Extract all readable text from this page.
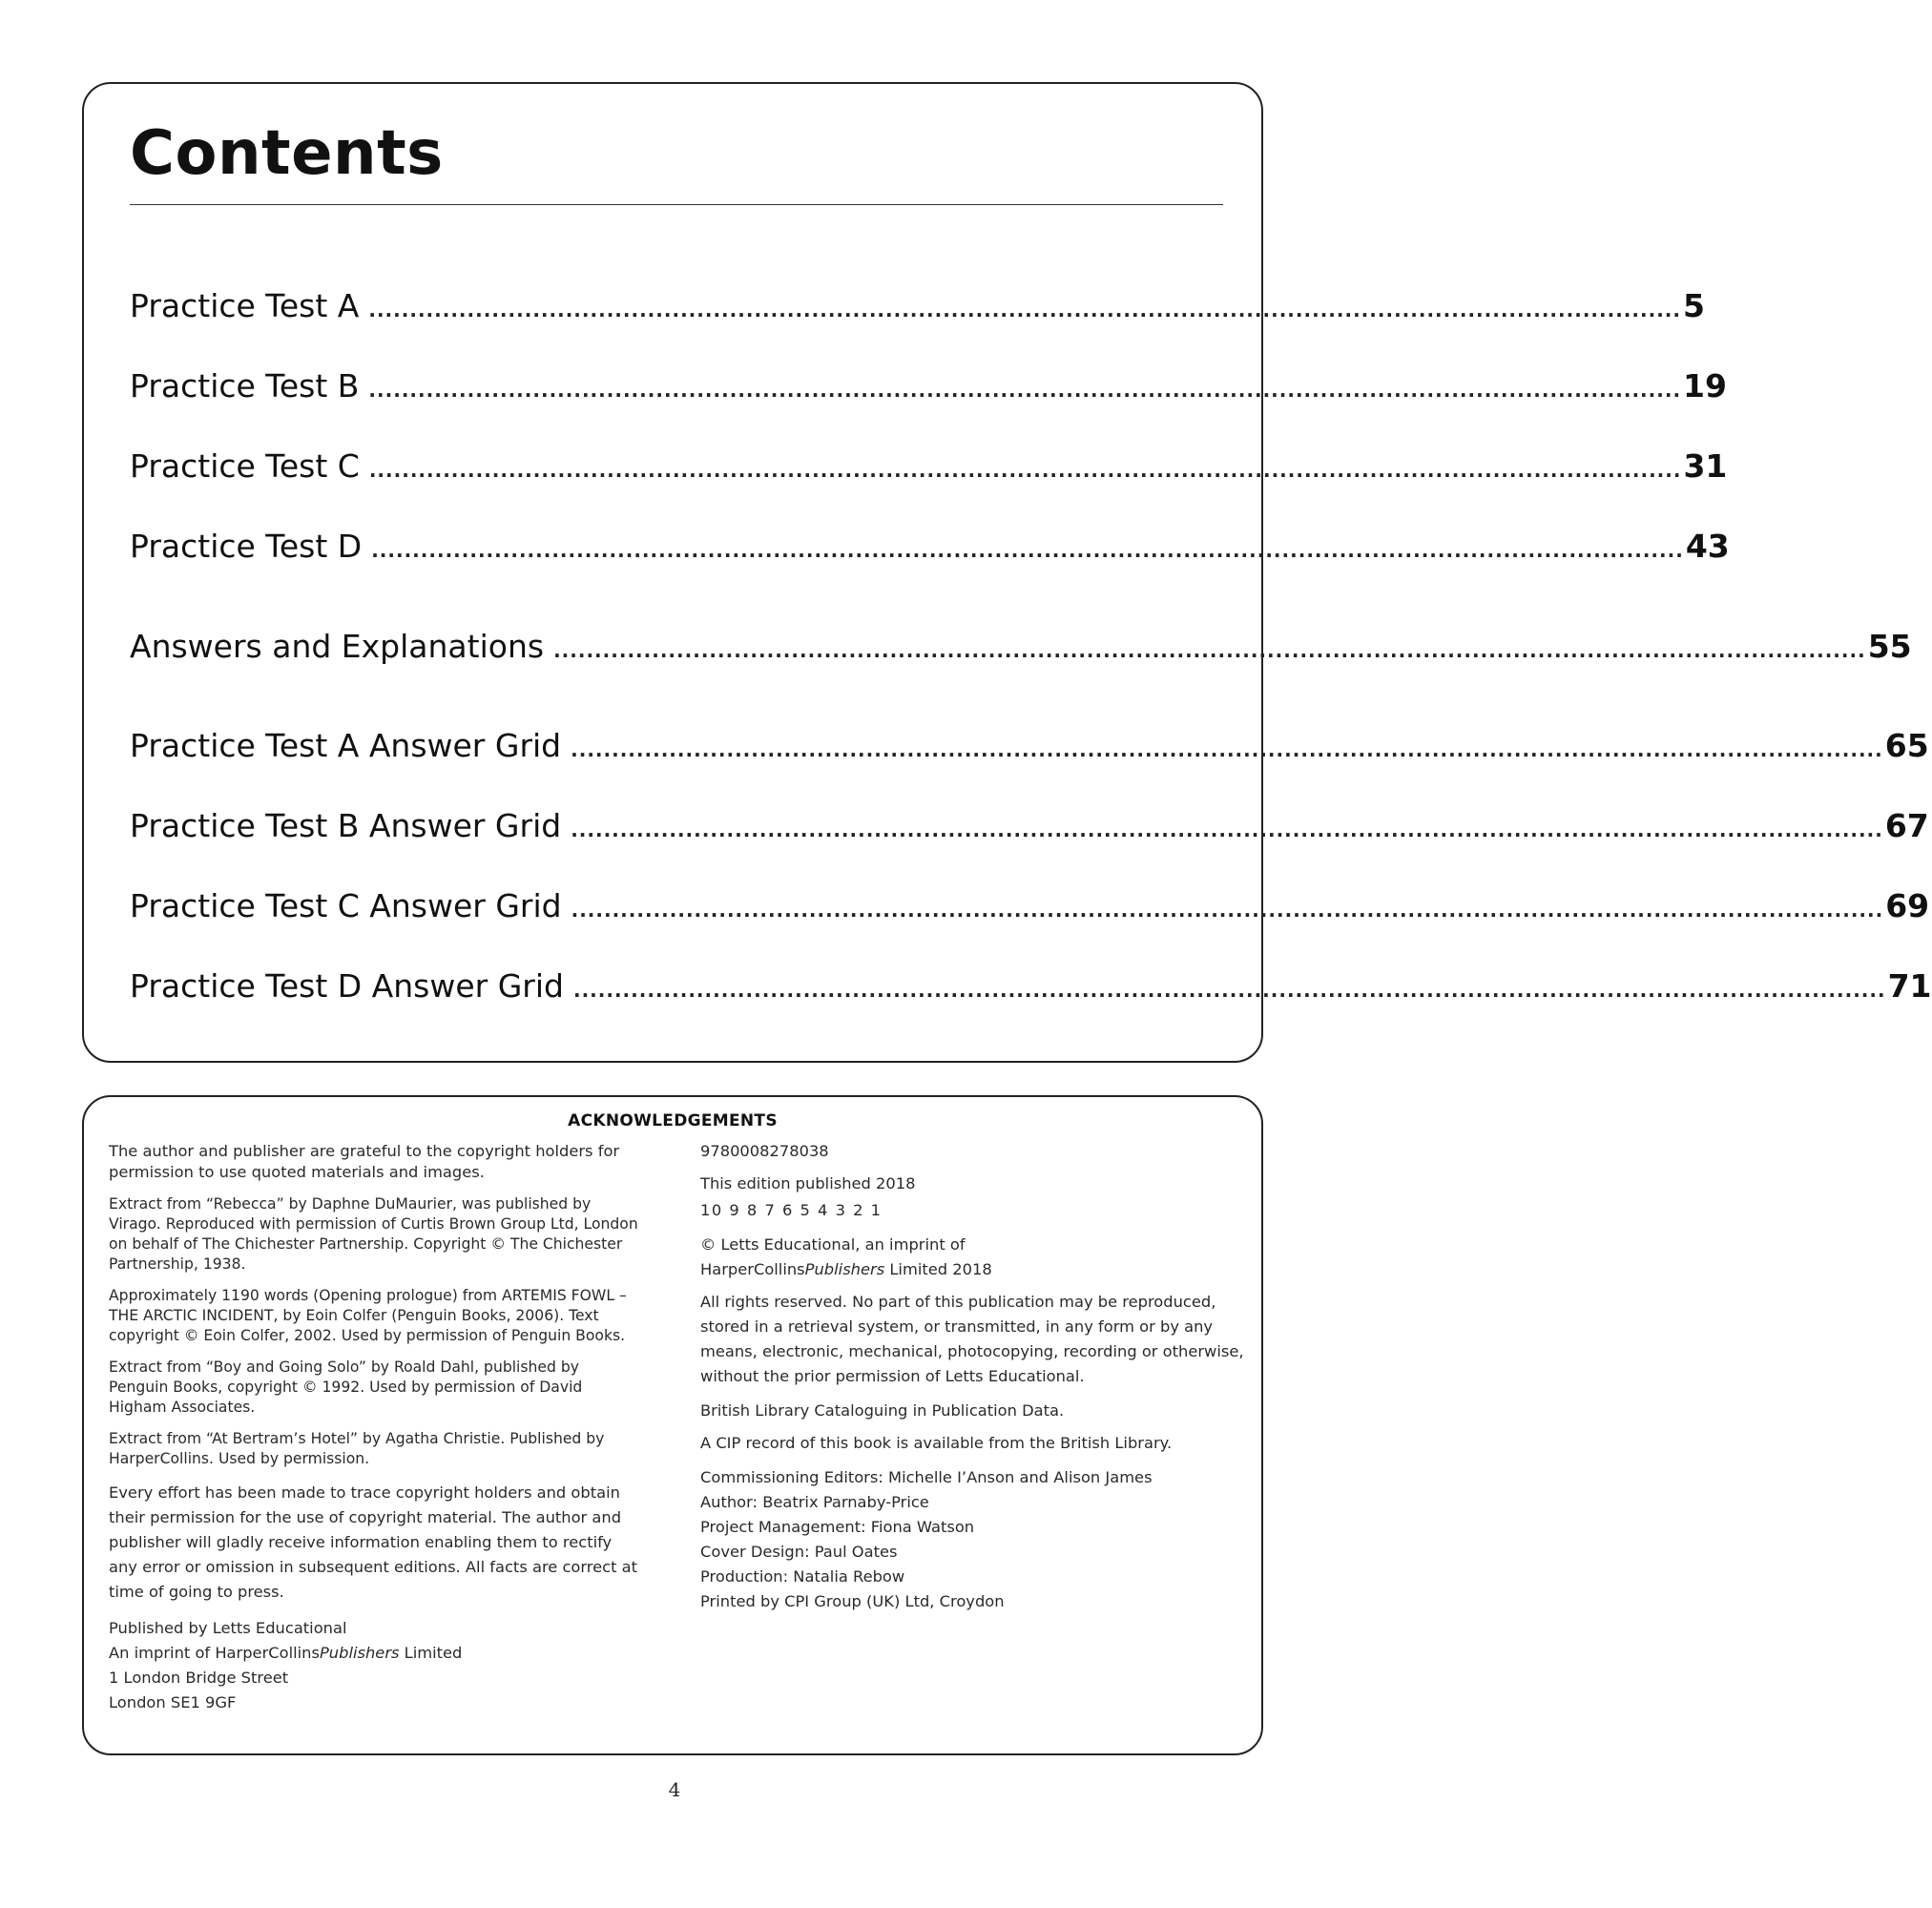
Contents
Practice Test A ................................................................................................................................................................ 5
Practice Test B ................................................................................................................................................................ 19
Practice Test C ................................................................................................................................................................ 31
Practice Test D ................................................................................................................................................................ 43
Answers and Explanations ................................................................................................................................................................ 55
Practice Test A Answer Grid ................................................................................................................................................................ 65
Practice Test B Answer Grid ................................................................................................................................................................ 67
Practice Test C Answer Grid ................................................................................................................................................................ 69
Practice Test D Answer Grid ................................................................................................................................................................ 71
ACKNOWLEDGEMENTS

The author and publisher are grateful to the copyright holders for permission to use quoted materials and images.

Extract from “Rebecca” by Daphne DuMaurier, was published by Virago. Reproduced with permission of Curtis Brown Group Ltd, London on behalf of The Chichester Partnership. Copyright © The Chichester Partnership, 1938.

Approximately 1190 words (Opening prologue) from ARTEMIS FOWL – THE ARCTIC INCIDENT, by Eoin Colfer (Penguin Books, 2006). Text copyright © Eoin Colfer, 2002. Used by permission of Penguin Books.

Extract from “Boy and Going Solo” by Roald Dahl, published by Penguin Books, copyright © 1992. Used by permission of David Higham Associates.

Extract from “At Bertram’s Hotel” by Agatha Christie. Published by HarperCollins. Used by permission.

Every effort has been made to trace copyright holders and obtain their permission for the use of copyright material. The author and publisher will gladly receive information enabling them to rectify any error or omission in subsequent editions. All facts are correct at time of going to press.

Published by Letts Educational
An imprint of HarperCollinsPublishers Limited
1 London Bridge Street
London SE1 9GF

9780008278038

This edition published 2018

10 9 8 7 6 5 4 3 2 1

© Letts Educational, an imprint of
HarperCollinsPublishers Limited 2018

All rights reserved. No part of this publication may be reproduced, stored in a retrieval system, or transmitted, in any form or by any means, electronic, mechanical, photocopying, recording or otherwise, without the prior permission of Letts Educational.

British Library Cataloguing in Publication Data.

A CIP record of this book is available from the British Library.

Commissioning Editors: Michelle I’Anson and Alison James
Author: Beatrix Parnaby-Price
Project Management: Fiona Watson
Cover Design: Paul Oates
Production: Natalia Rebow
Printed by CPI Group (UK) Ltd, Croydon
4
